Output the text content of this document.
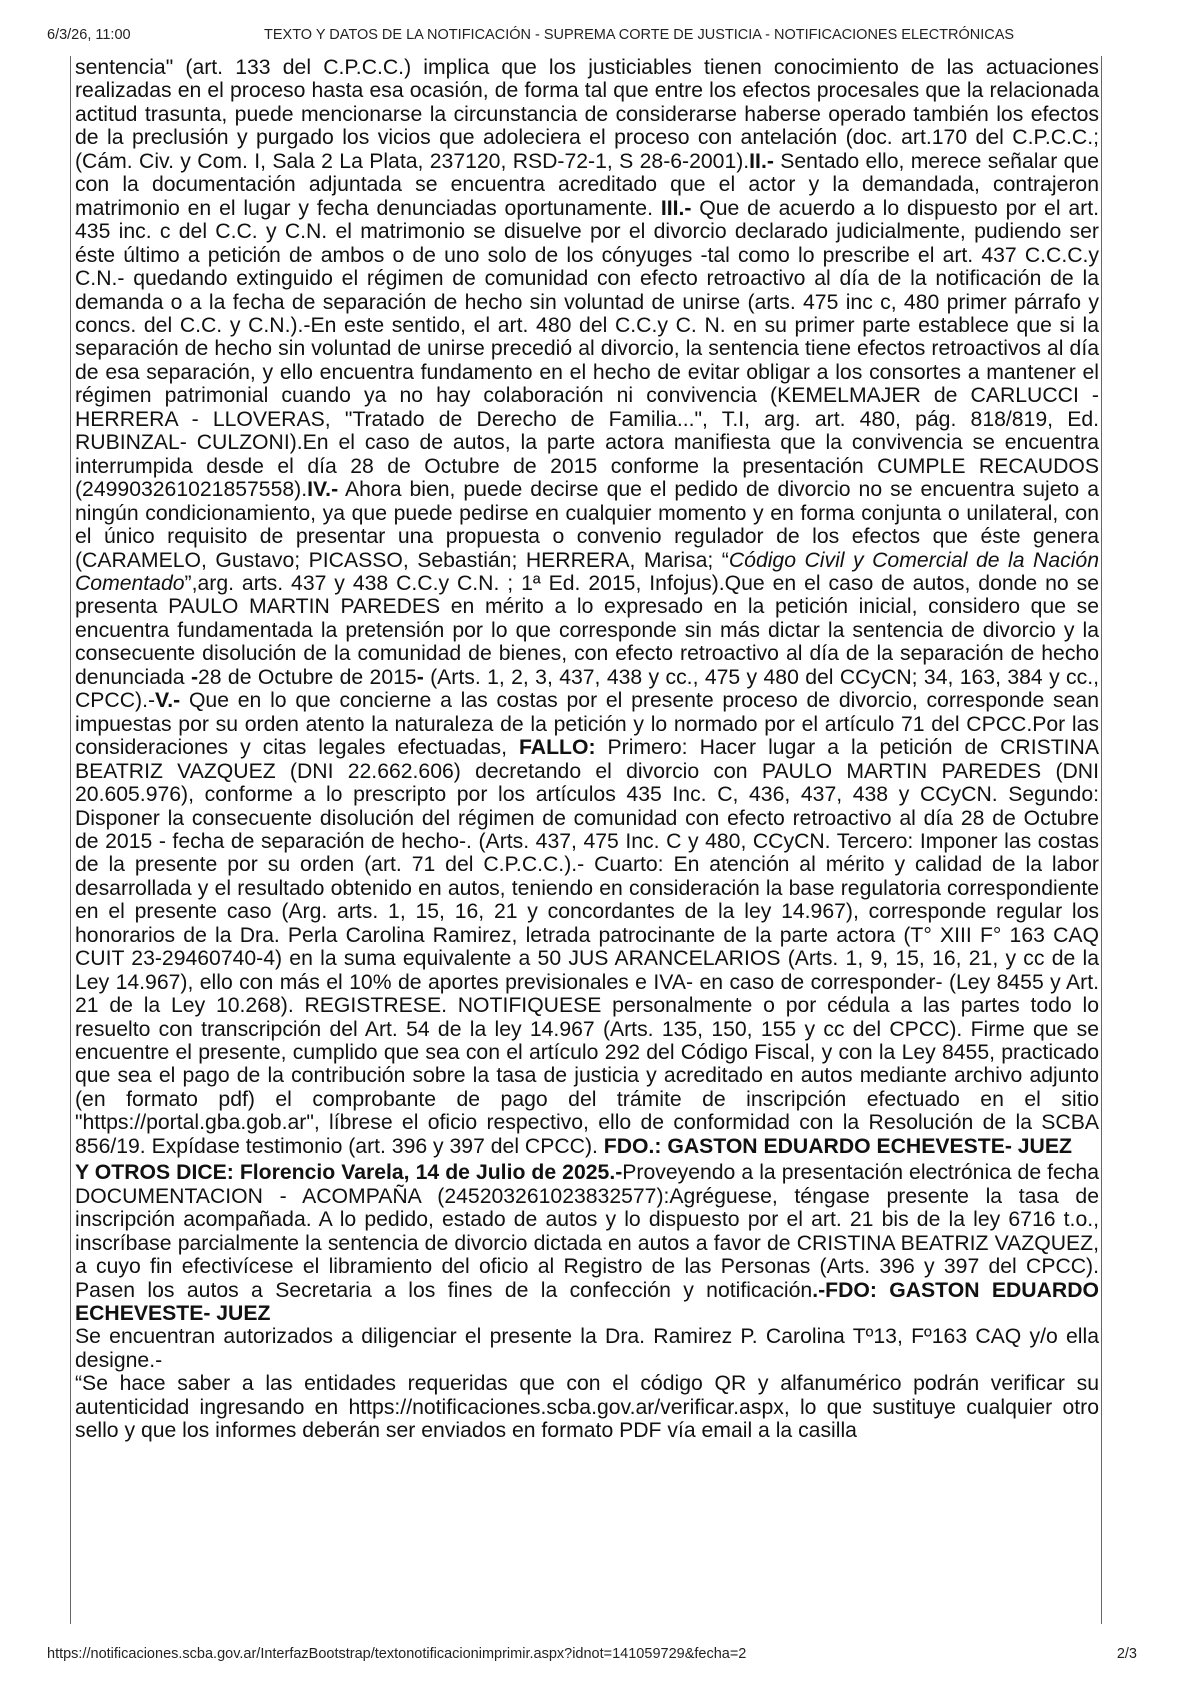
6/3/26, 11:00	TEXTO Y DATOS DE LA NOTIFICACIÓN - SUPREMA CORTE DE JUSTICIA - NOTIFICACIONES ELECTRÓNICAS

sentencia" (art. 133 del C.P.C.C.) implica que los justiciables tienen conocimiento de las actuaciones realizadas en el proceso hasta esa ocasión, de forma tal que entre los efectos procesales que la relacionada actitud trasunta, puede mencionarse la circunstancia de considerarse haberse operado también los efectos de la preclusión y purgado los vicios que adoleciera el proceso con antelación (doc. art.170 del C.P.C.C.;(Cám. Civ. y Com. I, Sala 2 La Plata, 237120, RSD-72-1, S 28-6-2001).II.- Sentado ello, merece señalar que con la documentación adjuntada se encuentra acreditado que el actor y la demandada, contrajeron matrimonio en el lugar y fecha denunciadas oportunamente. III.- Que de acuerdo a lo dispuesto por el art. 435 inc. c del C.C. y C.N. el matrimonio se disuelve por el divorcio declarado judicialmente, pudiendo ser éste último a petición de ambos o de uno solo de los cónyuges -tal como lo prescribe el art. 437 C.C.C.y C.N.- quedando extinguido el régimen de comunidad con efecto retroactivo al día de la notificación de la demanda o a la fecha de separación de hecho sin voluntad de unirse (arts. 475 inc c, 480 primer párrafo y concs. del C.C. y C.N.).-En este sentido, el art. 480 del C.C.y C. N. en su primer parte establece que si la separación de hecho sin voluntad de unirse precedió al divorcio, la sentencia tiene efectos retroactivos al día de esa separación, y ello encuentra fundamento en el hecho de evitar obligar a los consortes a mantener el régimen patrimonial cuando ya no hay colaboración ni convivencia (KEMELMAJER de CARLUCCI - HERRERA - LLOVERAS, "Tratado de Derecho de Familia...", T.I, arg. art. 480, pág. 818/819, Ed. RUBINZAL- CULZONI).En el caso de autos, la parte actora manifiesta que la convivencia se encuentra interrumpida desde el día 28 de Octubre de 2015 conforme la presentación CUMPLE RECAUDOS (249903261021857558).IV.- Ahora bien, puede decirse que el pedido de divorcio no se encuentra sujeto a ningún condicionamiento, ya que puede pedirse en cualquier momento y en forma conjunta o unilateral, con el único requisito de presentar una propuesta o convenio regulador de los efectos que éste genera (CARAMELO, Gustavo; PICASSO, Sebastián; HERRERA, Marisa; “Código Civil y Comercial de la Nación Comentado”,arg. arts. 437 y 438 C.C.y C.N. ; 1ª Ed. 2015, Infojus).Que en el caso de autos, donde no se presenta PAULO MARTIN PAREDES en mérito a lo expresado en la petición inicial, considero que se encuentra fundamentada la pretensión por lo que corresponde sin más dictar la sentencia de divorcio y la consecuente disolución de la comunidad de bienes, con efecto retroactivo al día de la separación de hecho denunciada -28 de Octubre de 2015- (Arts. 1, 2, 3, 437, 438 y cc., 475 y 480 del CCyCN; 34, 163, 384 y cc., CPCC).-V.- Que en lo que concierne a las costas por el presente proceso de divorcio, corresponde sean impuestas por su orden atento la naturaleza de la petición y lo normado por el artículo 71 del CPCC.Por las consideraciones y citas legales efectuadas, FALLO: Primero: Hacer lugar a la petición de CRISTINA BEATRIZ VAZQUEZ (DNI 22.662.606) decretando el divorcio con PAULO MARTIN PAREDES (DNI 20.605.976), conforme a lo prescripto por los artículos 435 Inc. C, 436, 437, 438 y CCyCN. Segundo: Disponer la consecuente disolución del régimen de comunidad con efecto retroactivo al día 28 de Octubre de 2015 - fecha de separación de hecho-. (Arts. 437, 475 Inc. C y 480, CCyCN. Tercero: Imponer las costas de la presente por su orden (art. 71 del C.P.C.C.).- Cuarto: En atención al mérito y calidad de la labor desarrollada y el resultado obtenido en autos, teniendo en consideración la base regulatoria correspondiente en el presente caso (Arg. arts. 1, 15, 16, 21 y concordantes de la ley 14.967), corresponde regular los honorarios de la Dra. Perla Carolina Ramirez, letrada patrocinante de la parte actora (T° XIII F° 163 CAQ CUIT 23-29460740-4) en la suma equivalente a 50 JUS ARANCELARIOS (Arts. 1, 9, 15, 16, 21, y cc de la Ley 14.967), ello con más el 10% de aportes previsionales e IVA- en caso de corresponder- (Ley 8455 y Art. 21 de la Ley 10.268). REGISTRESE. NOTIFIQUESE personalmente o por cédula a las partes todo lo resuelto con transcripción del Art. 54 de la ley 14.967 (Arts. 135, 150, 155 y cc del CPCC). Firme que se encuentre el presente, cumplido que sea con el artículo 292 del Código Fiscal, y con la Ley 8455, practicado que sea el pago de la contribución sobre la tasa de justicia y acreditado en autos mediante archivo adjunto (en formato pdf) el comprobante de pago del trámite de inscripción efectuado en el sitio "https://portal.gba.gob.ar", líbrese el oficio respectivo, ello de conformidad con la Resolución de la SCBA 856/19. Expídase testimonio (art. 396 y 397 del CPCC). FDO.: GASTON EDUARDO ECHEVESTE- JUEZ

Y OTROS DICE: Florencio Varela, 14 de Julio de 2025.-Proveyendo a la presentación electrónica de fecha DOCUMENTACION - ACOMPAÑA (245203261023832577):Agréguese, téngase presente la tasa de inscripción acompañada. A lo pedido, estado de autos y lo dispuesto por el art. 21 bis de la ley 6716 t.o., inscríbase parcialmente la sentencia de divorcio dictada en autos a favor de CRISTINA BEATRIZ VAZQUEZ, a cuyo fin efectivícese el libramiento del oficio al Registro de las Personas (Arts. 396 y 397 del CPCC). Pasen los autos a Secretaria a los fines de la confección y notificación.-FDO: GASTON EDUARDO ECHEVESTE- JUEZ

Se encuentran autorizados a diligenciar el presente la Dra. Ramirez P. Carolina Tº13, Fº163 CAQ y/o ella designe.-

“Se hace saber a las entidades requeridas que con el código QR y alfanumérico podrán verificar su autenticidad ingresando en https://notificaciones.scba.gov.ar/verificar.aspx, lo que sustituye cualquier otro sello y que los informes deberán ser enviados en formato PDF vía email a la casilla

https://notificaciones.scba.gov.ar/InterfazBootstrap/textonotificacionimprimir.aspx?idnot=141059729&fecha=2	2/3
